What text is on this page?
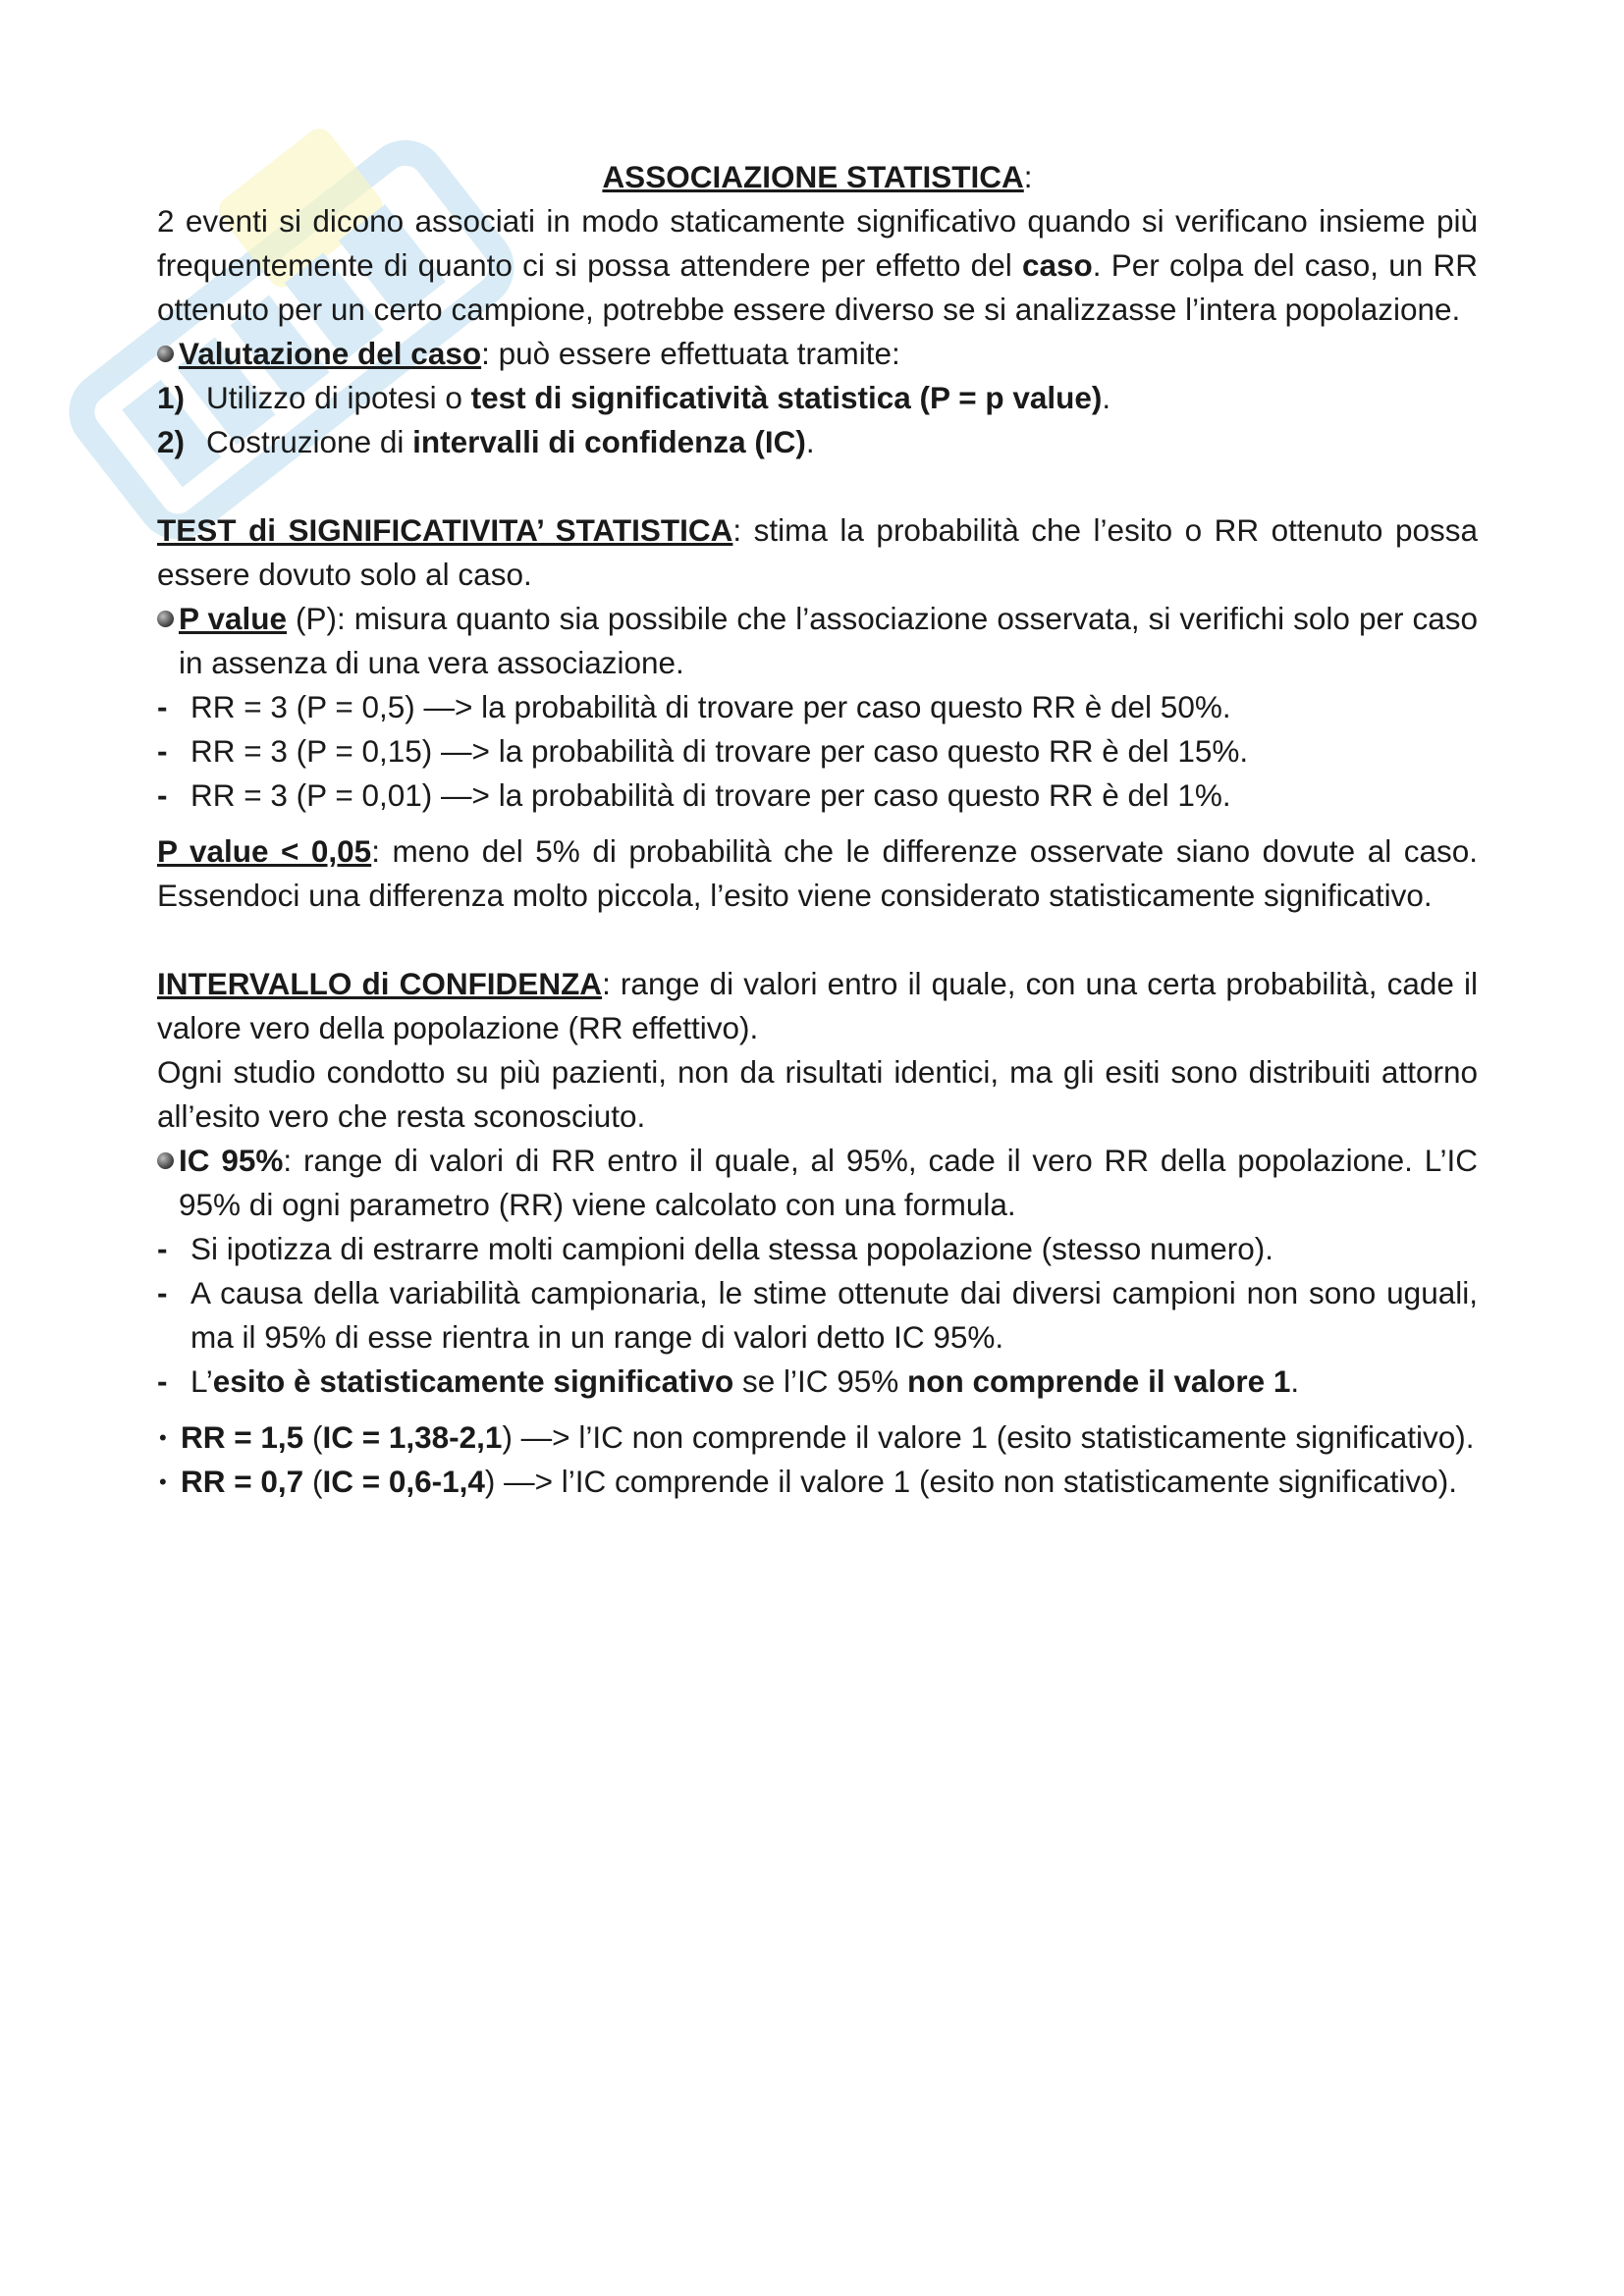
ASSOCIAZIONE STATISTICA:

2 eventi si dicono associati in modo staticamente significativo quando si verificano insieme più frequentemente di quanto ci si possa attendere per effetto del caso. Per colpa del caso, un RR ottenuto per un certo campione, potrebbe essere diverso se si analizzasse l’intera popolazione.

Valutazione del caso: può essere effettuata tramite:

1) Utilizzo di ipotesi o test di significatività statistica (P = p value).

2) Costruzione di intervalli di confidenza (IC).

TEST di SIGNIFICATIVITA’ STATISTICA: stima la probabilità che l’esito o RR ottenuto possa essere dovuto solo al caso.

P value (P): misura quanto sia possibile che l’associazione osservata, si verifichi solo per caso in assenza di una vera associazione.

- RR = 3 (P = 0,5) —> la probabilità di trovare per caso questo RR è del 50%.

- RR = 3 (P = 0,15) —> la probabilità di trovare per caso questo RR è del 15%.

- RR = 3 (P = 0,01) —> la probabilità di trovare per caso questo RR è del 1%.

P value < 0,05: meno del 5% di probabilità che le differenze osservate siano dovute al caso. Essendoci una differenza molto piccola, l’esito viene considerato statisticamente significativo.

INTERVALLO di CONFIDENZA: range di valori entro il quale, con una certa probabilità, cade il valore vero della popolazione (RR effettivo).

Ogni studio condotto su più pazienti, non da risultati identici, ma gli esiti sono distribuiti attorno all’esito vero che resta sconosciuto.

IC 95%: range di valori di RR entro il quale, al 95%, cade il vero RR della popolazione. L’IC 95% di ogni parametro (RR) viene calcolato con una formula.

- Si ipotizza di estrarre molti campioni della stessa popolazione (stesso numero).

- A causa della variabilità campionaria, le stime ottenute dai diversi campioni non sono uguali, ma il 95% di esse rientra in un range di valori detto IC 95%.

- L’esito è statisticamente significativo se l’IC 95% non comprende il valore 1.

• RR = 1,5 (IC = 1,38-2,1) —> l’IC non comprende il valore 1 (esito statisticamente significativo).

• RR = 0,7 (IC = 0,6-1,4) —> l’IC comprende il valore 1 (esito non statisticamente significativo).
